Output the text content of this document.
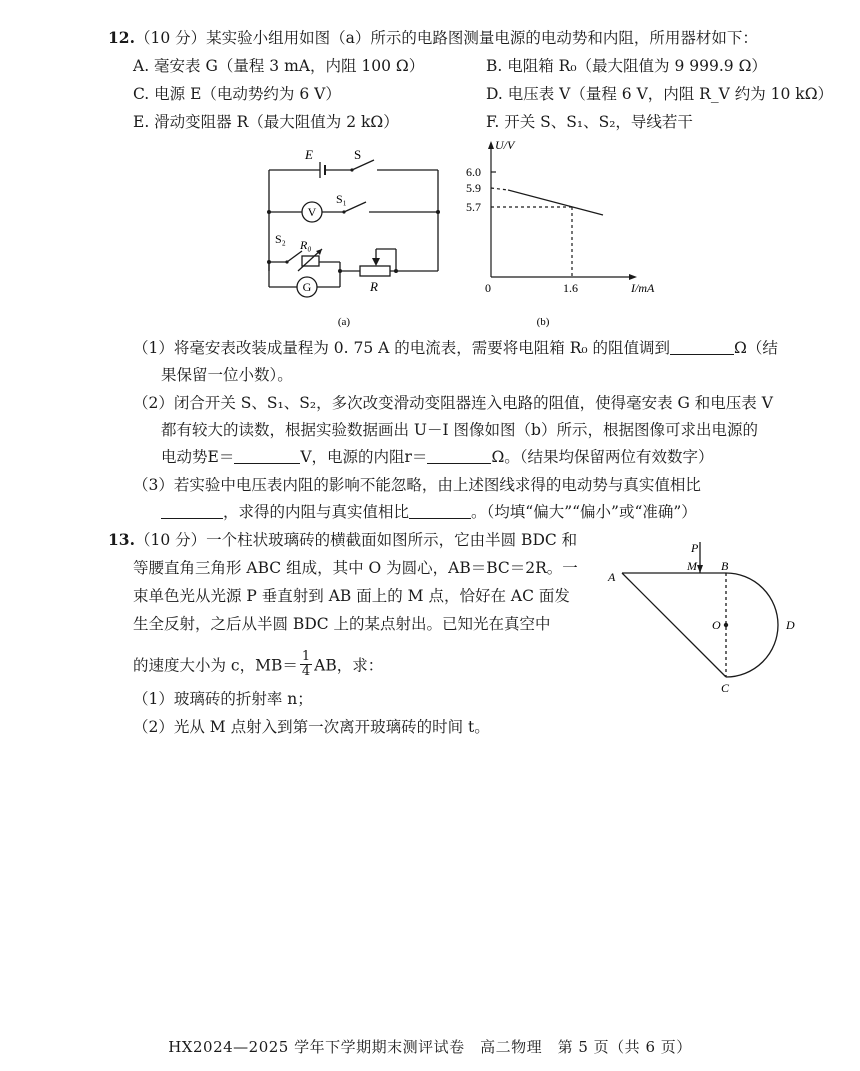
12.（10 分）某实验小组用如图（a）所示的电路图测量电源的电动势和内阻，所用器材如下：
A. 毫安表 G（量程 3 mA，内阻 100 Ω）	B. 电阻箱 R₀（最大阻值为 9 999.9 Ω）
C. 电源 E（电动势约为 6 V）	D. 电压表 V（量程 6 V，内阻 R_V 约为 10 kΩ）
E. 滑动变阻器 R（最大阻值为 2 kΩ）	F. 开关 S、S₁、S₂，导线若干
E	S
S₁
S₂ R₀
R
V
G
(a)
U/V
I/mA
0
6.0
5.9
5.7
1.6
(b)
（1）将毫安表改装成量程为 0. 75 A 的电流表，需要将电阻箱 R₀ 的阻值调到	Ω（结
果保留一位小数）。
（2）闭合开关 S、S₁、S₂，多次改变滑动变阻器连入电路的阻值，使得毫安表 G 和电压表 V
都有较大的读数，根据实验数据画出 U－I 图像如图（b）所示，根据图像可求出电源的
电动势E＝	V，电源的内阻r＝	Ω。（结果均保留两位有效数字）
（3）若实验中电压表内阻的影响不能忽略，由上述图线求得的电动势与真实值相比
，求得的内阻与真实值相比	。（均填“偏大”“偏小”或“准确”）
13.（10 分）一个柱状玻璃砖的横截面如图所示，它由半圆 BDC 和
等腰直角三角形 ABC 组成，其中 O 为圆心，AB＝BC＝2R。一
束单色光从光源 P 垂直射到 AB 面上的 M 点，恰好在 AC 面发
生全反射，之后从半圆 BDC 上的某点射出。已知光在真空中
的速度大小为 c，$MB= \frac{1}{4}$ AB，求：
（1）玻璃砖的折射率 n；
（2）光从 M 点射入到第一次离开玻璃砖的时间 t。
P
M B
A
O	D
C
HX2024—2025 学年下学期期末测评试卷　高二物理　第 5 页（共 6 页）
